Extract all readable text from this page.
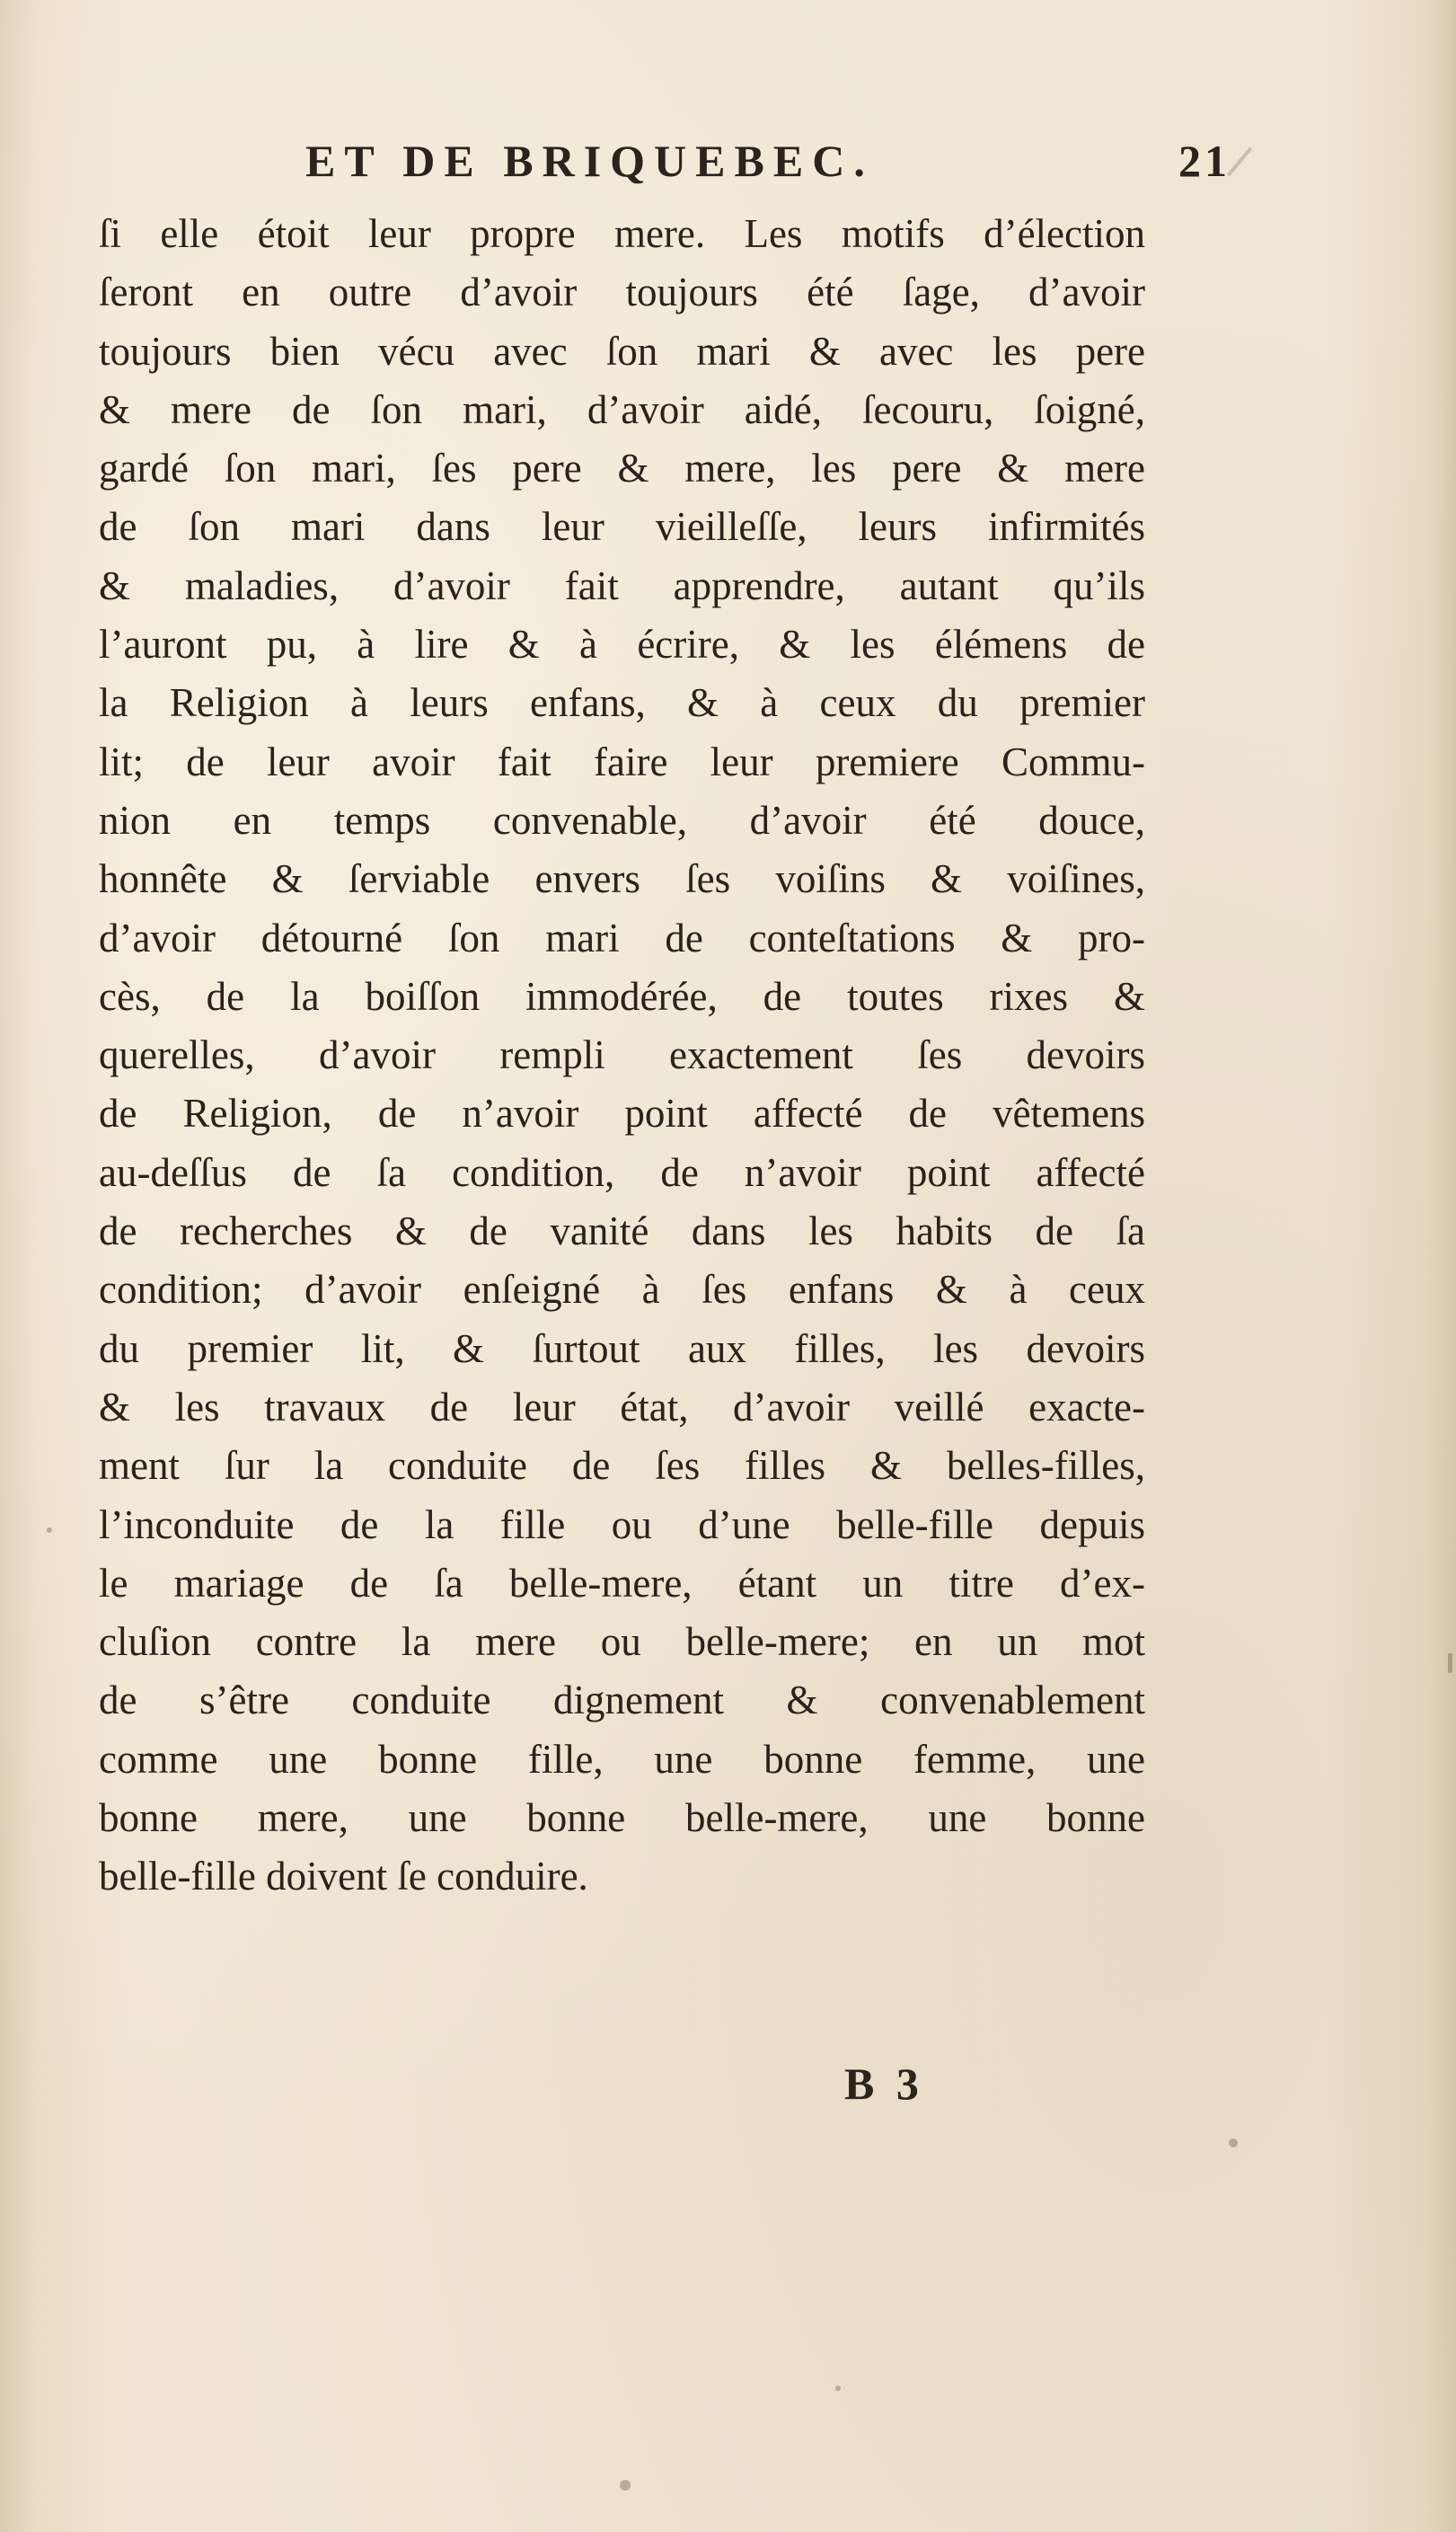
ET DE BRIQUEBEC.	21
ſi elle étoit leur propre mere. Les motifs d’élection
ſeront en outre d’avoir toujours été ſage, d’avoir
toujours bien vécu avec ſon mari & avec les pere
& mere de ſon mari, d’avoir aidé, ſecouru, ſoigné,
gardé ſon mari, ſes pere & mere, les pere & mere
de ſon mari dans leur vieilleſſe, leurs infirmités
& maladies, d’avoir fait apprendre, autant qu’ils
l’auront pu, à lire & à écrire, & les élémens de
la Religion à leurs enfans, & à ceux du premier
lit; de leur avoir fait faire leur premiere Commu-
nion en temps convenable, d’avoir été douce,
honnête & ſerviable envers ſes voiſins & voiſines,
d’avoir détourné ſon mari de conteſtations & pro-
cès, de la boiſſon immodérée, de toutes rixes &
querelles, d’avoir rempli exactement ſes devoirs
de Religion, de n’avoir point affecté de vêtemens
au-deſſus de ſa condition, de n’avoir point affecté
de recherches & de vanité dans les habits de ſa
condition; d’avoir enſeigné à ſes enfans & à ceux
du premier lit, & ſurtout aux filles, les devoirs
& les travaux de leur état, d’avoir veillé exacte-
ment ſur la conduite de ſes filles & belles-filles,
l’inconduite de la fille ou d’une belle-fille depuis
le mariage de ſa belle-mere, étant un titre d’ex-
cluſion contre la mere ou belle-mere; en un mot
de s’être conduite dignement & convenablement
comme une bonne fille, une bonne femme, une
bonne mere, une bonne belle-mere, une bonne
belle-fille doivent ſe conduire.
B 3
